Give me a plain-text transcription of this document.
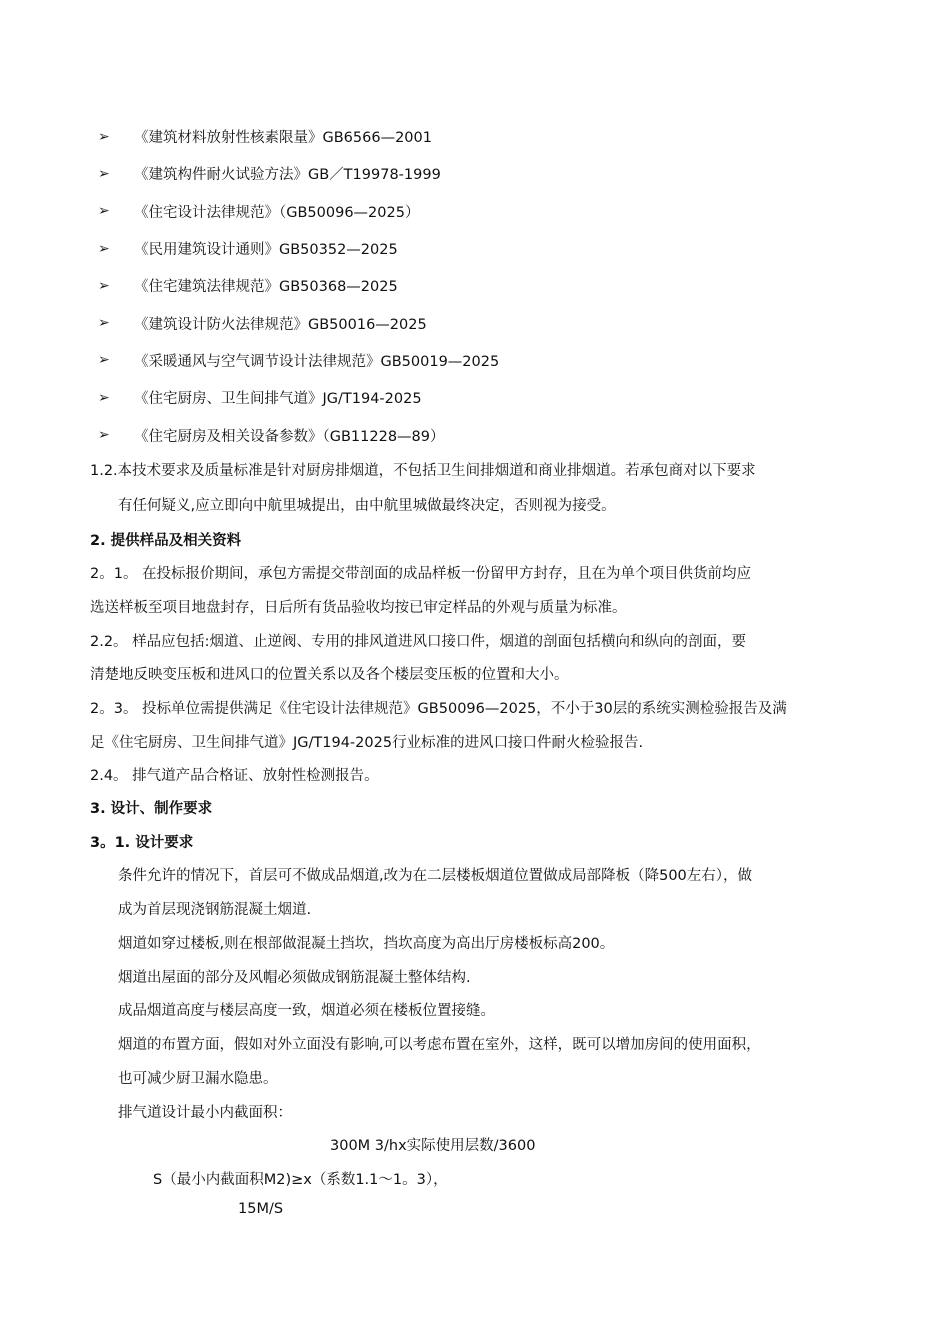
➢	《建筑材料放射性核素限量》GB6566—2001
➢	《建筑构件耐火试验方法》GB／T19978-1999
➢	《住宅设计法律规范》（GB50096—2025）
➢	《民用建筑设计通则》GB50352—2025
➢	《住宅建筑法律规范》GB50368—2025
➢	《建筑设计防火法律规范》GB50016—2025
➢	《采暖通风与空气调节设计法律规范》GB50019—2025
➢	《住宅厨房、卫生间排气道》JG/T194-2025
➢	《住宅厨房及相关设备参数》（GB11228—89）
1.2.本技术要求及质量标准是针对厨房排烟道，不包括卫生间排烟道和商业排烟道。若承包商对以下要求
有任何疑义,应立即向中航里城提出，由中航里城做最终决定，否则视为接受。
2. 提供样品及相关资料
2。1。 在投标报价期间，承包方需提交带剖面的成品样板一份留甲方封存，且在为单个项目供货前均应
选送样板至项目地盘封存，日后所有货品验收均按已审定样品的外观与质量为标准。
2.2。 样品应包括:烟道、止逆阀、专用的排风道进风口接口件，烟道的剖面包括横向和纵向的剖面，要
清楚地反映变压板和进风口的位置关系以及各个楼层变压板的位置和大小。
2。3。 投标单位需提供满足《住宅设计法律规范》GB50096—2025，不小于30层的系统实测检验报告及满
足《住宅厨房、卫生间排气道》JG/T194-2025行业标准的进风口接口件耐火检验报告.
2.4。 排气道产品合格证、放射性检测报告。
3. 设计、制作要求
3。1. 设计要求
条件允许的情况下，首层可不做成品烟道,改为在二层楼板烟道位置做成局部降板（降500左右），做
成为首层现浇钢筋混凝土烟道.
烟道如穿过楼板,则在根部做混凝土挡坎，挡坎高度为高出厅房楼板标高200。
烟道出屋面的部分及风帽必须做成钢筋混凝土整体结构.
成品烟道高度与楼层高度一致，烟道必须在楼板位置接缝。
烟道的布置方面，假如对外立面没有影响,可以考虑布置在室外，这样，既可以增加房间的使用面积，
也可减少厨卫漏水隐患。
排气道设计最小内截面积：
300M 3/hx实际使用层数/3600
S（最小内截面积M2)≥x（系数1.1～1。3），
15M/S
